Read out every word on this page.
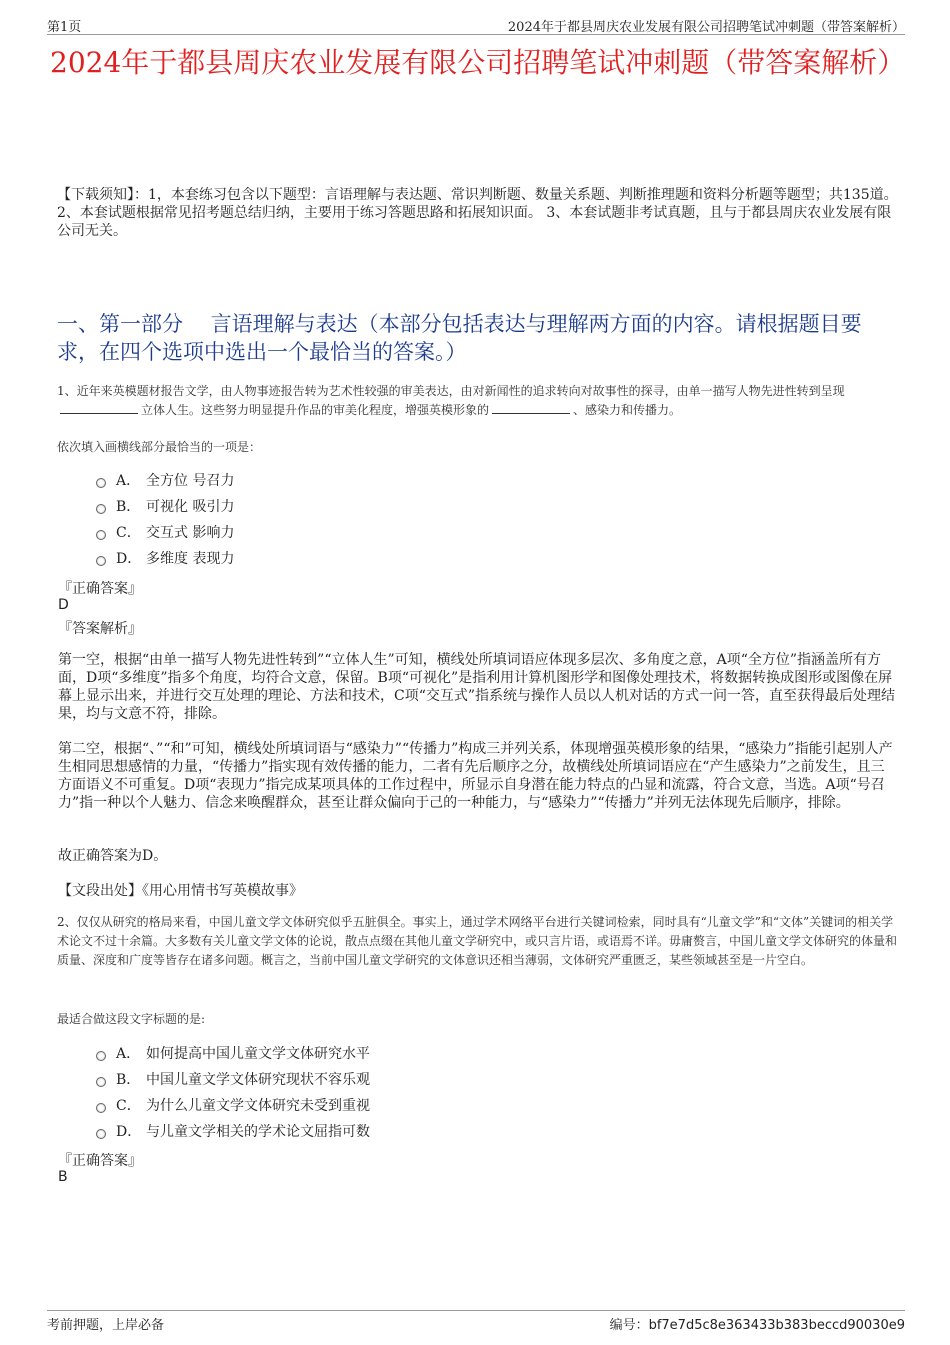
第1页	2024年于都县周庆农业发展有限公司招聘笔试冲刺题（带答案解析）
2024年于都县周庆农业发展有限公司招聘笔试冲刺题（带答案解析）
【下载须知】：1，本套练习包含以下题型：言语理解与表达题、常识判断题、数量关系题、判断推理题和资料分析题等题型；共135道。 2、本套试题根据常见招考题总结归纳，主要用于练习答题思路和拓展知识面。 3、本套试题非考试真题，且与于都县周庆农业发展有限公司无关。
一、第一部分　 言语理解与表达（本部分包括表达与理解两方面的内容。请根据题目要求，在四个选项中选出一个最恰当的答案。）
1、近年来英模题材报告文学，由人物事迹报告转为艺术性较强的审美表达，由对新闻性的追求转向对故事性的探寻，由单一描写人物先进性转到呈现立体人生。这些努力明显提升作品的审美化程度，增强英模形象的	、感染力和传播力。
依次填入画横线部分最恰当的一项是：
A． 全方位 号召力
B． 可视化 吸引力
C． 交互式 影响力
D． 多维度 表现力
『正确答案』
D
『答案解析』
第一空，根据“由单一描写人物先进性转到”“立体人生”可知，横线处所填词语应体现多层次、多角度之意，A项“全方位”指涵盖所有方面，D项“多维度”指多个角度，均符合文意，保留。B项“可视化”是指利用计算机图形学和图像处理技术，将数据转换成图形或图像在屏幕上显示出来，并进行交互处理的理论、方法和技术，C项“交互式”指系统与操作人员以人机对话的方式一问一答，直至获得最后处理结果，均与文意不符，排除。
第二空，根据“、”“和”可知，横线处所填词语与“感染力”“传播力”构成三并列关系，体现增强英模形象的结果，“感染力”指能引起别人产生相同思想感情的力量，“传播力”指实现有效传播的能力，二者有先后顺序之分，故横线处所填词语应在“产生感染力”之前发生，且三方面语义不可重复。D项“表现力”指完成某项具体的工作过程中，所显示自身潜在能力特点的凸显和流露，符合文意，当选。A项“号召力”指一种以个人魅力、信念来唤醒群众，甚至让群众偏向于己的一种能力，与“感染力”“传播力”并列无法体现先后顺序，排除。
故正确答案为D。
【文段出处】《用心用情书写英模故事》
2、仅仅从研究的格局来看，中国儿童文学文体研究似乎五脏俱全。事实上，通过学术网络平台进行关键词检索，同时具有“儿童文学”和“文体”关键词的相关学术论文不过十余篇。大多数有关儿童文学文体的论说，散点点缀在其他儿童文学研究中，或只言片语，或语焉不详。毋庸赘言，中国儿童文学文体研究的体量和质量、深度和广度等皆存在诸多问题。概言之，当前中国儿童文学研究的文体意识还相当薄弱，文体研究严重匮乏，某些领域甚至是一片空白。
最适合做这段文字标题的是:
A． 如何提高中国儿童文学文体研究水平
B． 中国儿童文学文体研究现状不容乐观
C． 为什么儿童文学文体研究未受到重视
D． 与儿童文学相关的学术论文屈指可数
『正确答案』
B
考前押题，上岸必备	编号：bf7e7d5c8e363433b383beccd90030e9
